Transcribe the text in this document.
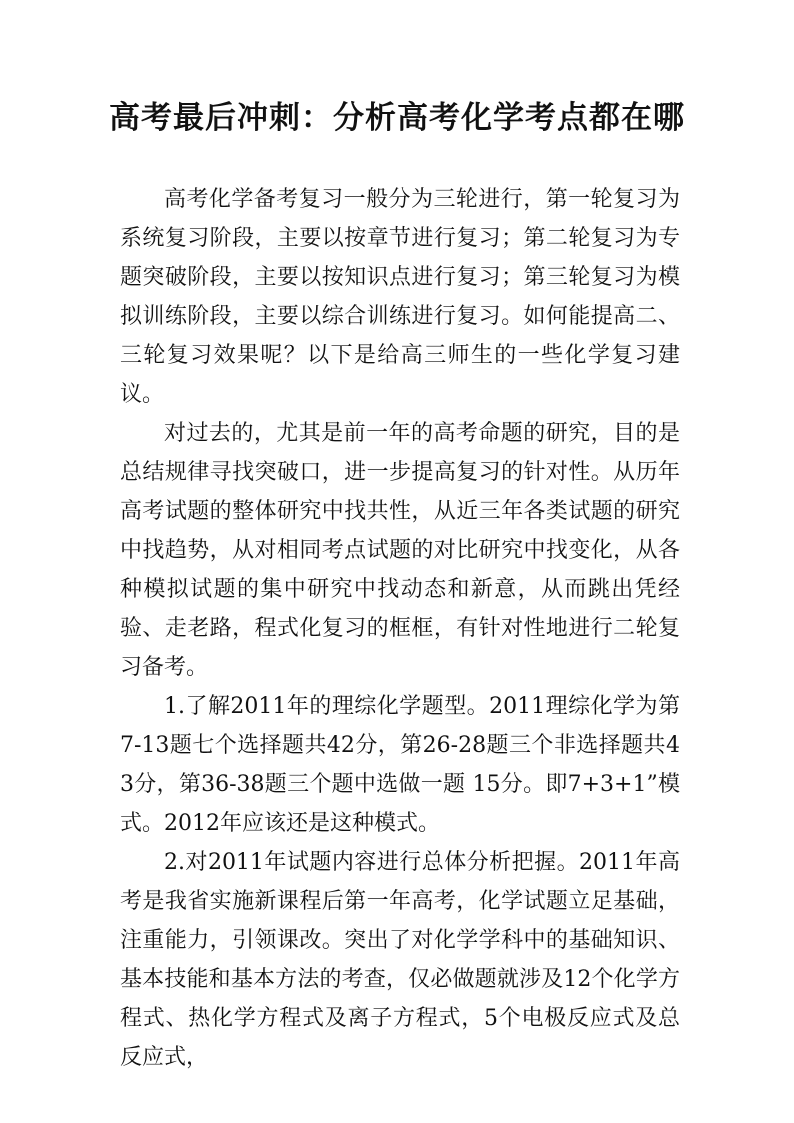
高考最后冲刺：分析高考化学考点都在哪

高考化学备考复习一般分为三轮进行，第一轮复习为系统复习阶段，主要以按章节进行复习；第二轮复习为专题突破阶段，主要以按知识点进行复习；第三轮复习为模拟训练阶段，主要以综合训练进行复习。如何能提高二、三轮复习效果呢？以下是给高三师生的一些化学复习建议。

对过去的，尤其是前一年的高考命题的研究，目的是总结规律寻找突破口，进一步提高复习的针对性。从历年高考试题的整体研究中找共性，从近三年各类试题的研究中找趋势，从对相同考点试题的对比研究中找变化，从各种模拟试题的集中研究中找动态和新意，从而跳出凭经验、走老路，程式化复习的框框，有针对性地进行二轮复习备考。

1.了解2011年的理综化学题型。2011理综化学为第7-13题七个选择题共42分，第26-28题三个非选择题共43分，第36-38题三个题中选做一题 15分。即7+3+1”模式。2012年应该还是这种模式。

2.对2011年试题内容进行总体分析把握。2011年高考是我省实施新课程后第一年高考，化学试题立足基础，注重能力，引领课改。突出了对化学学科中的基础知识、基本技能和基本方法的考查，仅必做题就涉及12个化学方程式、热化学方程式及离子方程式，5个电极反应式及总反应式，
